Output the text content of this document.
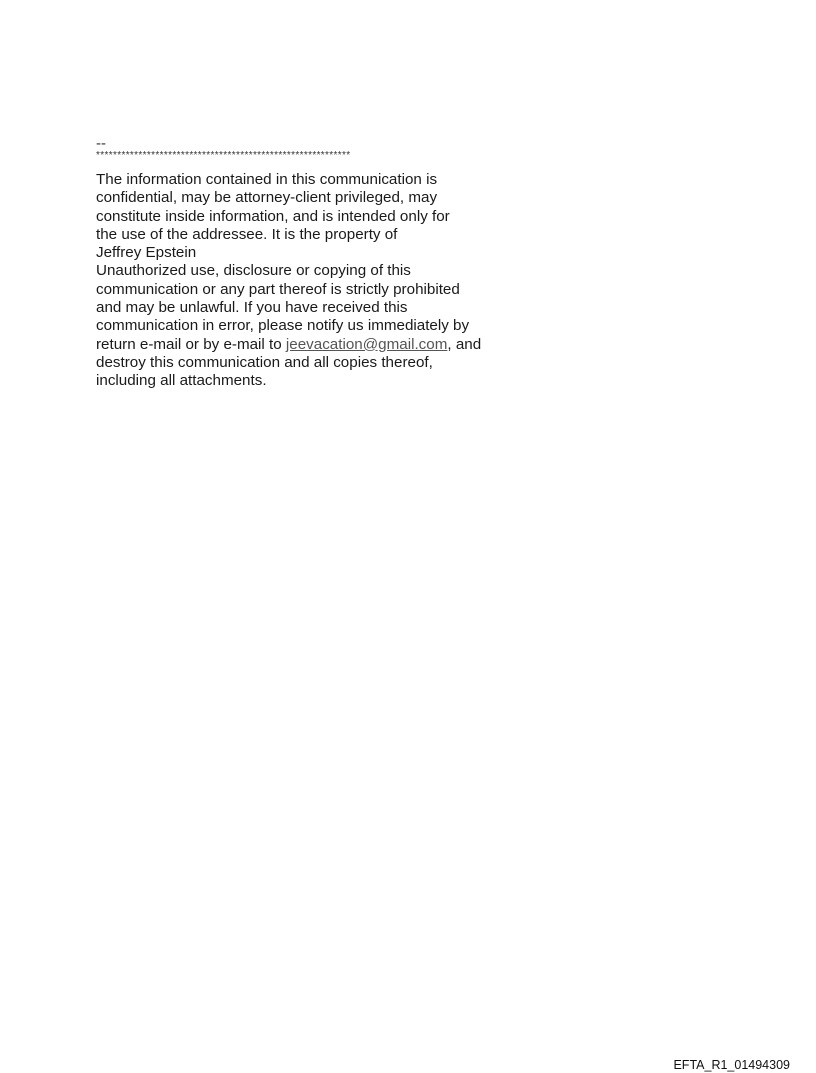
--
************************************************************
The information contained in this communication is
confidential, may be attorney-client privileged, may
constitute inside information, and is intended only for
the use of the addressee. It is the property of
Jeffrey Epstein
Unauthorized use, disclosure or copying of this
communication or any part thereof is strictly prohibited
and may be unlawful. If you have received this
communication in error, please notify us immediately by
return e-mail or by e-mail to jeevacation@gmail.com, and
destroy this communication and all copies thereof,
including all attachments.
EFTA_R1_01494309
